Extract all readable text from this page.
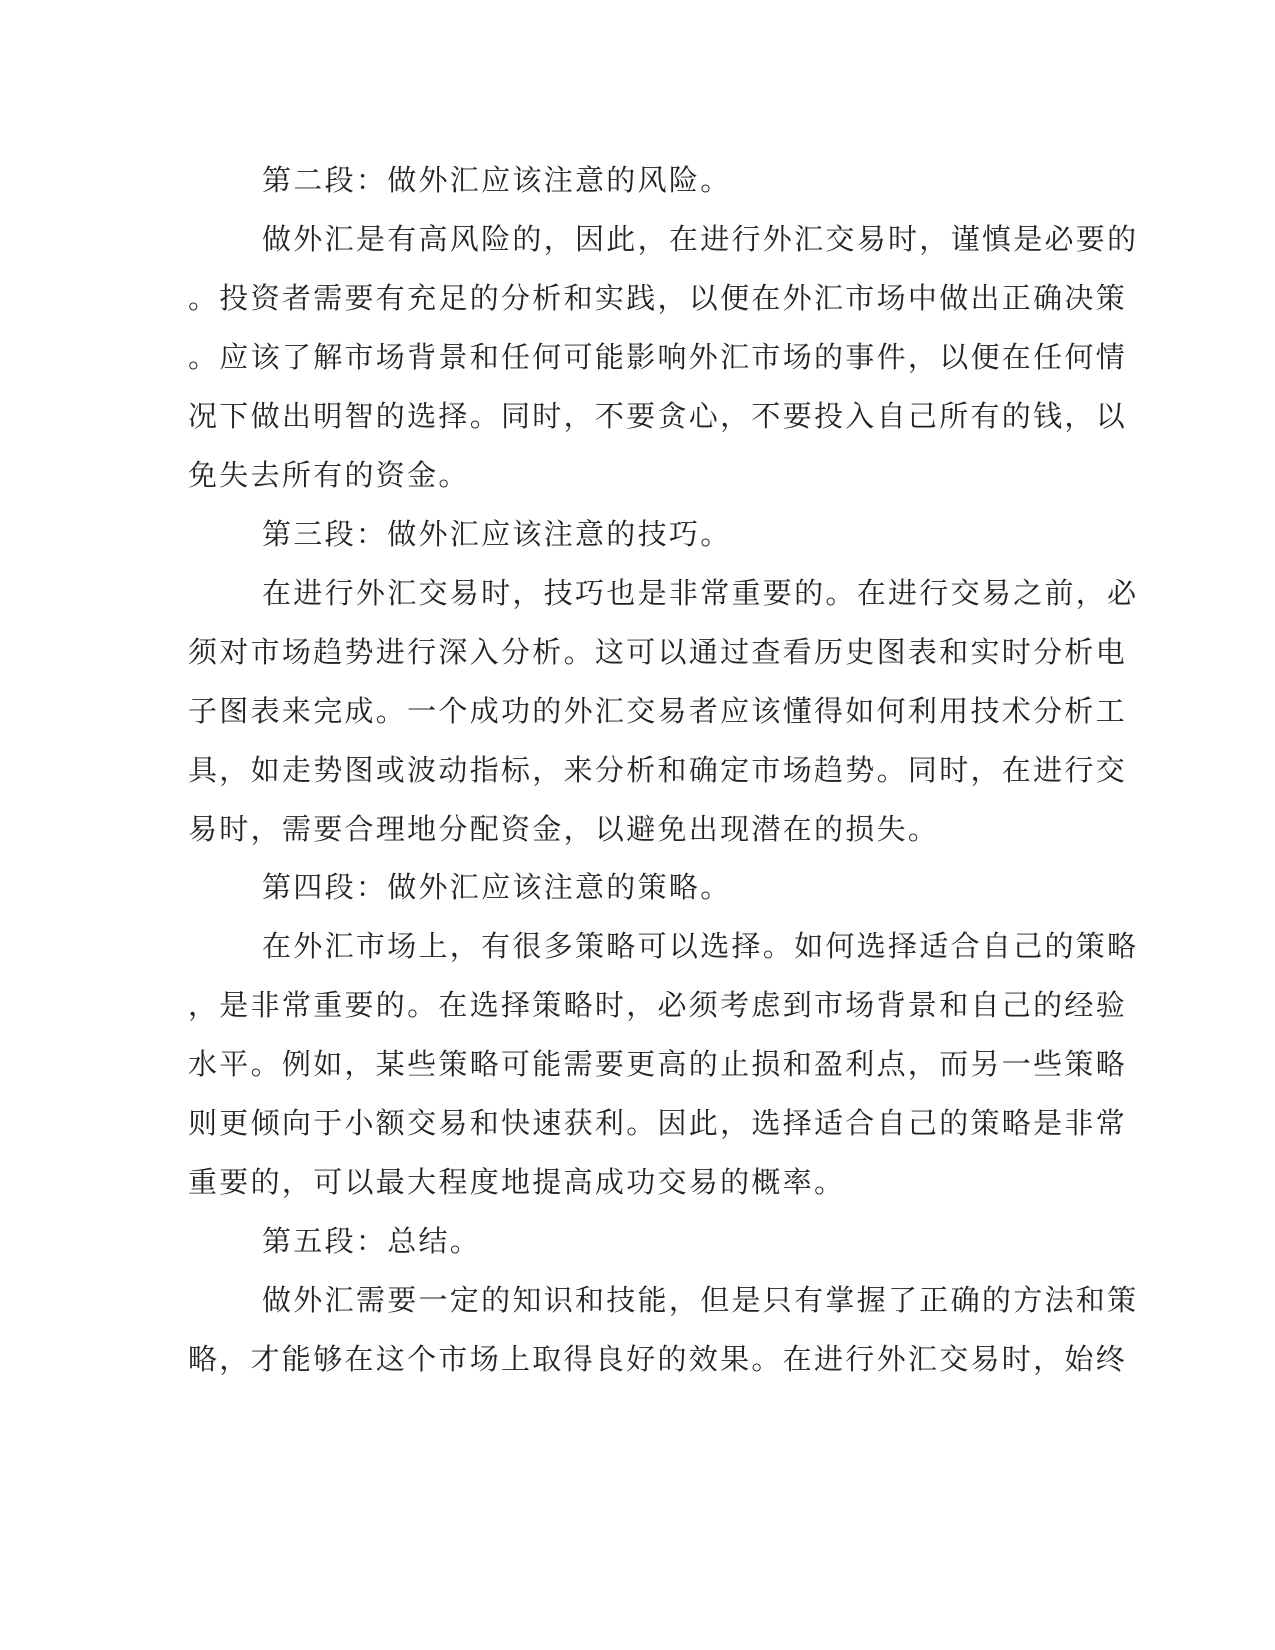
第二段：做外汇应该注意的风险。
做外汇是有高风险的，因此，在进行外汇交易时，谨慎是必要的
。投资者需要有充足的分析和实践，以便在外汇市场中做出正确决策
。应该了解市场背景和任何可能影响外汇市场的事件，以便在任何情
况下做出明智的选择。同时，不要贪心，不要投入自己所有的钱，以
免失去所有的资金。
第三段：做外汇应该注意的技巧。
在进行外汇交易时，技巧也是非常重要的。在进行交易之前，必
须对市场趋势进行深入分析。这可以通过查看历史图表和实时分析电
子图表来完成。一个成功的外汇交易者应该懂得如何利用技术分析工
具，如走势图或波动指标，来分析和确定市场趋势。同时，在进行交
易时，需要合理地分配资金，以避免出现潜在的损失。
第四段：做外汇应该注意的策略。
在外汇市场上，有很多策略可以选择。如何选择适合自己的策略
，是非常重要的。在选择策略时，必须考虑到市场背景和自己的经验
水平。例如，某些策略可能需要更高的止损和盈利点，而另一些策略
则更倾向于小额交易和快速获利。因此，选择适合自己的策略是非常
重要的，可以最大程度地提高成功交易的概率。
第五段：总结。
做外汇需要一定的知识和技能，但是只有掌握了正确的方法和策
略，才能够在这个市场上取得良好的效果。在进行外汇交易时，始终
